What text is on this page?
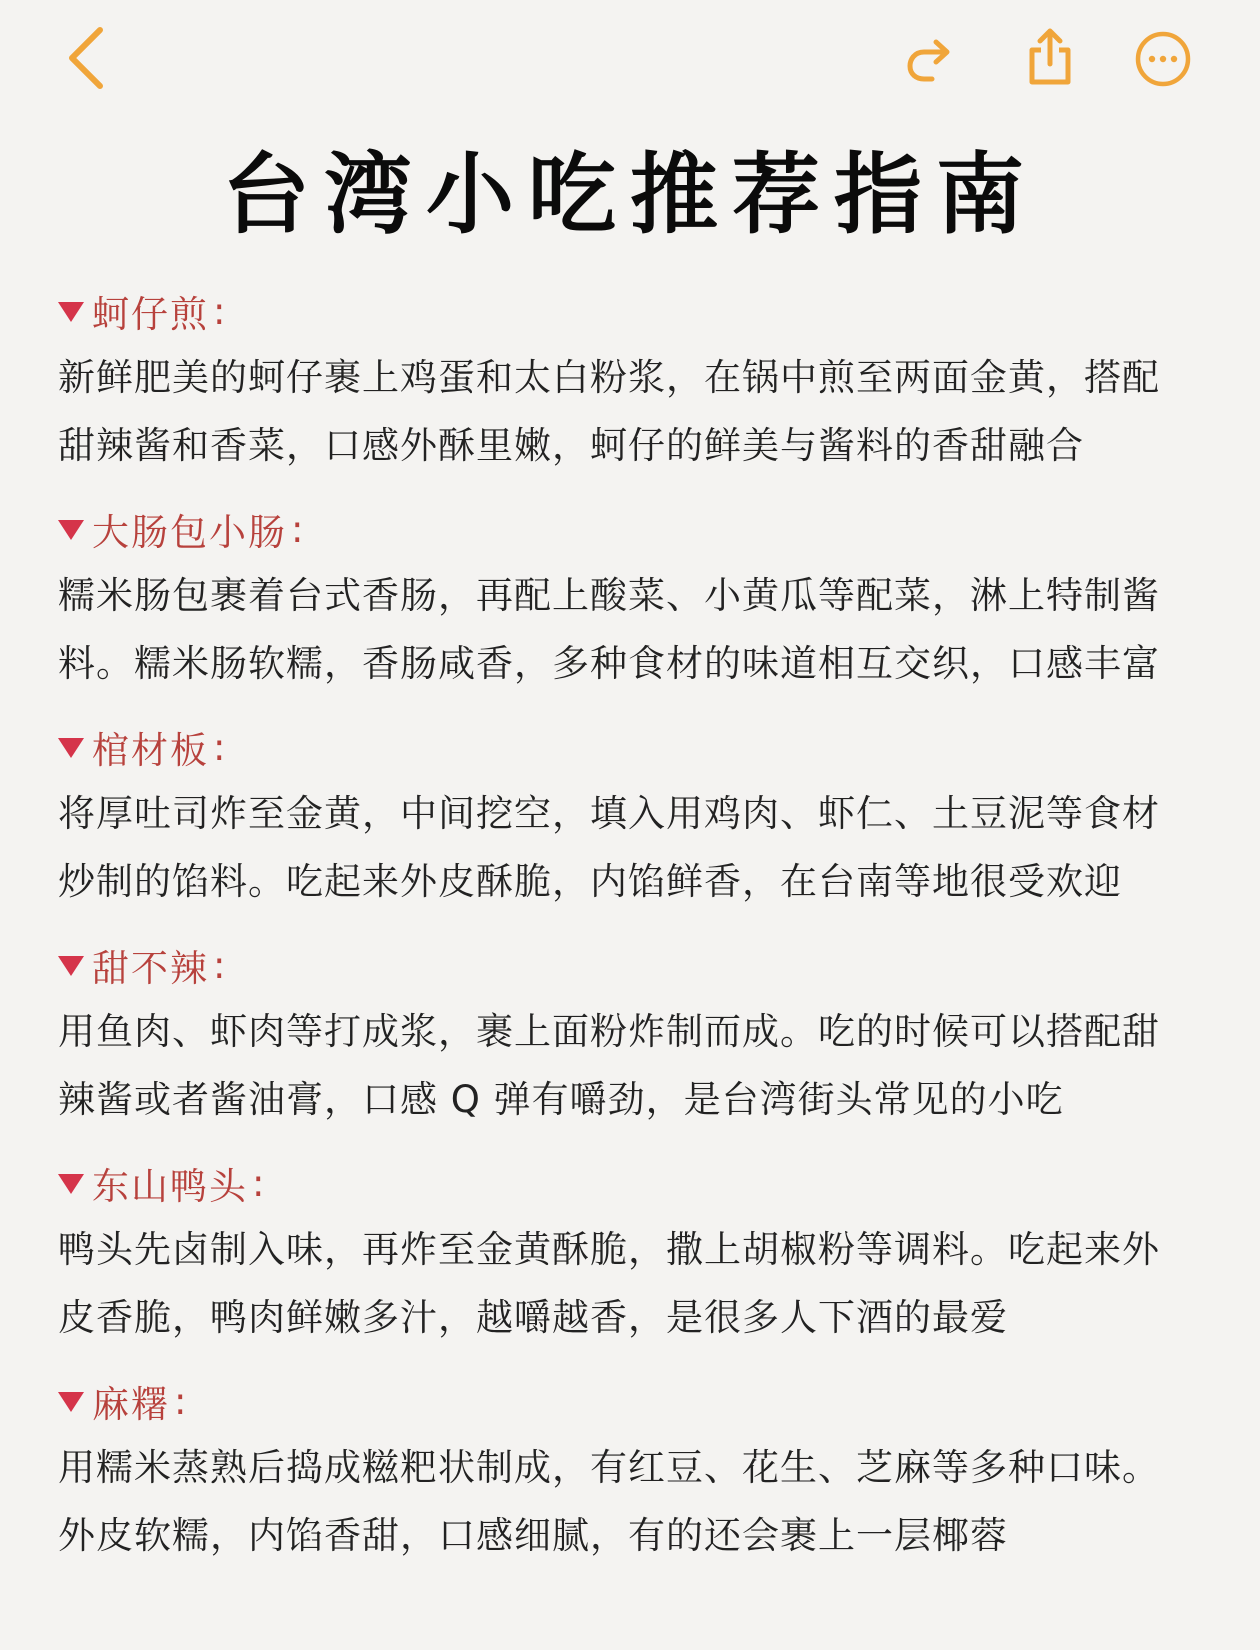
台湾小吃推荐指南
蚵仔煎 :
新鲜肥美的蚵仔裹上鸡蛋和太白粉浆，在锅中煎至两面金黄，搭配甜辣酱和香菜，口感外酥里嫩，蚵仔的鲜美与酱料的香甜融合
大肠包小肠 :
糯米肠包裹着台式香肠，再配上酸菜、小黄瓜等配菜，淋上特制酱料。糯米肠软糯，香肠咸香，多种食材的味道相互交织，口感丰富
棺材板 :
将厚吐司炸至金黄，中间挖空，填入用鸡肉、虾仁、土豆泥等食材炒制的馅料。吃起来外皮酥脆，内馅鲜香，在台南等地很受欢迎
甜不辣 :
用鱼肉、虾肉等打成浆，裹上面粉炸制而成。吃的时候可以搭配甜辣酱或者酱油膏，口感 Q 弹有嚼劲，是台湾街头常见的小吃
东山鸭头 :
鸭头先卤制入味，再炸至金黄酥脆，撒上胡椒粉等调料。吃起来外皮香脆，鸭肉鲜嫩多汁，越嚼越香，是很多人下酒的最爱
麻糬 :
用糯米蒸熟后捣成糍粑状制成，有红豆、花生、芝麻等多种口味。外皮软糯，内馅香甜，口感细腻，有的还会裹上一层椰蓉
